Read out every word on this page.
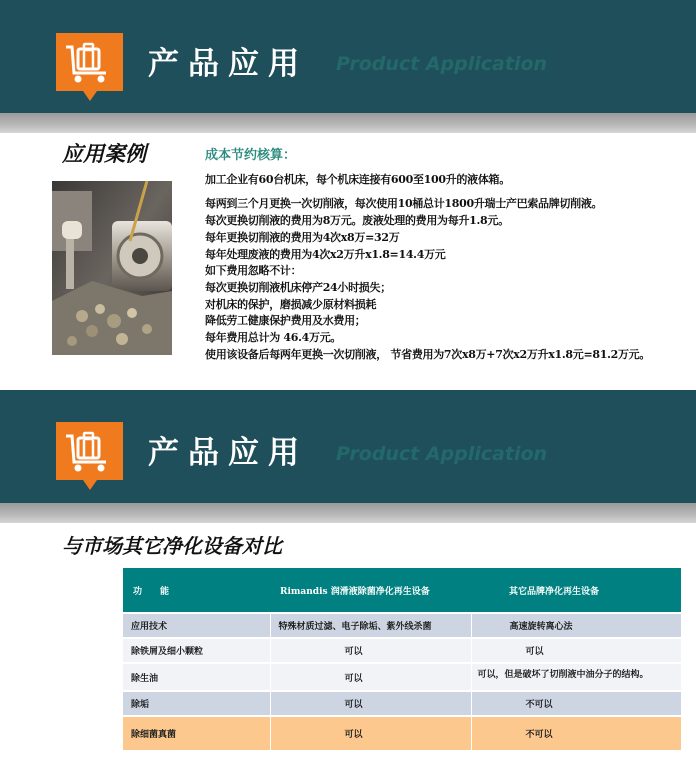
产品应用 Product Application
应用案例	成本节约核算：
加工企业有60台机床，每个机床连接有600至100升的液体箱。
每两到三个月更换一次切削液，每次使用10桶总计1800升瑞士产巴索品牌切削液。
每次更换切削液的费用为8万元。废液处理的费用为每升1.8元。
每年更换切削液的费用为4次x8万=32万
每年处理废液的费用为4次x2万升x1.8=14.4万元
如下费用忽略不计：
每次更换切削液机床停产24小时损失；
对机床的保护，磨损减少原材料损耗
降低劳工健康保护费用及水费用；
每年费用总计为 46.4万元。
使用该设备后每两年更换一次切削液， 节省费用为7次x8万+7次x2万升x1.8元=81.2万元。
产品应用 Product Application
与市场其它净化设备对比
功　　能	Rimandis 润滑液除菌净化再生设备	其它品牌净化再生设备
应用技术	特殊材质过滤、电子除垢、紫外线杀菌	高速旋转离心法
除铁屑及细小颗粒	可以	可以
除生油	可以	可以，但是破坏了切削液中油分子的结构。
除垢	可以	不可以
除细菌真菌	可以	不可以
